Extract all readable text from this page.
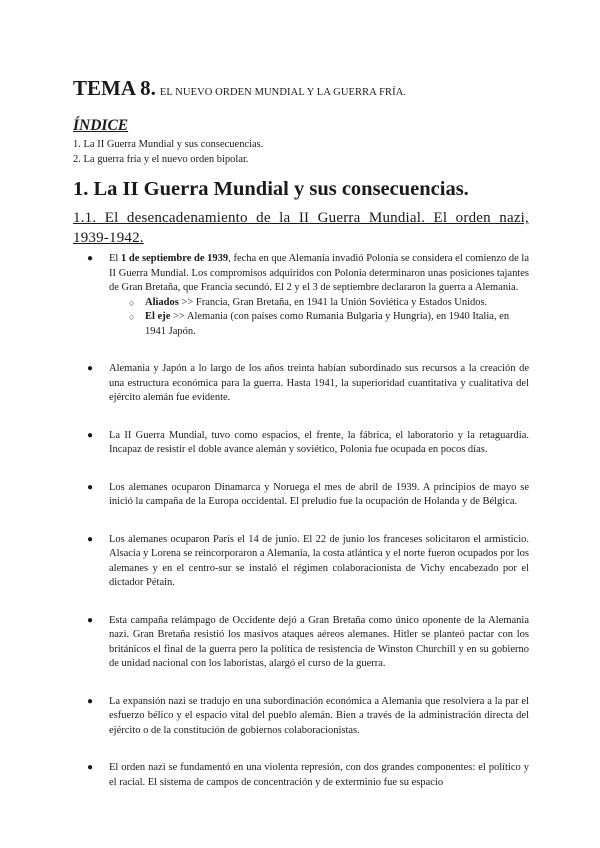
TEMA 8. EL NUEVO ORDEN MUNDIAL Y LA GUERRA FRÍA.
ÍNDICE
1. La II Guerra Mundial y sus consecuencias.
2. La guerra fría y el nuevo orden bipolar.
1. La II Guerra Mundial y sus consecuencias.
1.1. El desencadenamiento de la II Guerra Mundial. El orden nazi,
1939-1942.
● El 1 de septiembre de 1939, fecha en que Alemania invadió Polonia se considera el comienzo de la II Guerra Mundial. Los compromisos adquiridos con Polonia determinaron unas posiciones tajantes de Gran Bretaña, que Francia secundó. El 2 y el 3 de septiembre declararon la guerra a Alemania.
○ Aliados >> Francia, Gran Bretaña, en 1941 la Unión Soviética y Estados Unidos.
○ El eje >> Alemania (con países como Rumania Bulgaria y Hungría), en 1940 Italia, en 1941 Japón.
● Alemania y Japón a lo largo de los años treinta habían subordinado sus recursos a la creación de una estructura económica para la guerra. Hasta 1941, la superioridad cuantitativa y cualitativa del ejército alemán fue evidente.
● La II Guerra Mundial, tuvo como espacios, el frente, la fábrica, el laboratorio y la retaguardia. Incapaz de resistir el doble avance alemán y soviético, Polonia fue ocupada en pocos días.
● Los alemanes ocuparon Dinamarca y Noruega el mes de abril de 1939. A principios de mayo se inició la campaña de la Europa occidental. El preludio fue la ocupación de Holanda y de Bélgica.
● Los alemanes ocuparon París el 14 de junio. El 22 de junio los franceses solicitaron el armisticio. Alsacia y Lorena se reincorporaron a Alemania, la costa atlántica y el norte fueron ocupados por los alemanes y en el centro-sur se instaló el régimen colaboracionista de Vichy encabezado por el dictador Pétain.
● Esta campaña relámpago de Occidente dejó a Gran Bretaña como único oponente de la Alemania nazi. Gran Bretaña resistió los masivos ataques aéreos alemanes. Hitler se planteó pactar con los británicos el final de la guerra pero la política de resistencia de Winston Churchill y en su gobierno de unidad nacional con los laboristas, alargó el curso de la guerra.
● La expansión nazi se tradujo en una subordinación económica a Alemania que resolviera a la par el esfuerzo bélico y el espacio vital del pueblo alemán. Bien a través de la administración directa del ejército o de la constitución de gobiernos colaboracionistas.
● El orden nazi se fundamentó en una violenta represión, con dos grandes componentes: el político y el racial. El sistema de campos de concentración y de exterminio fue su espacio
